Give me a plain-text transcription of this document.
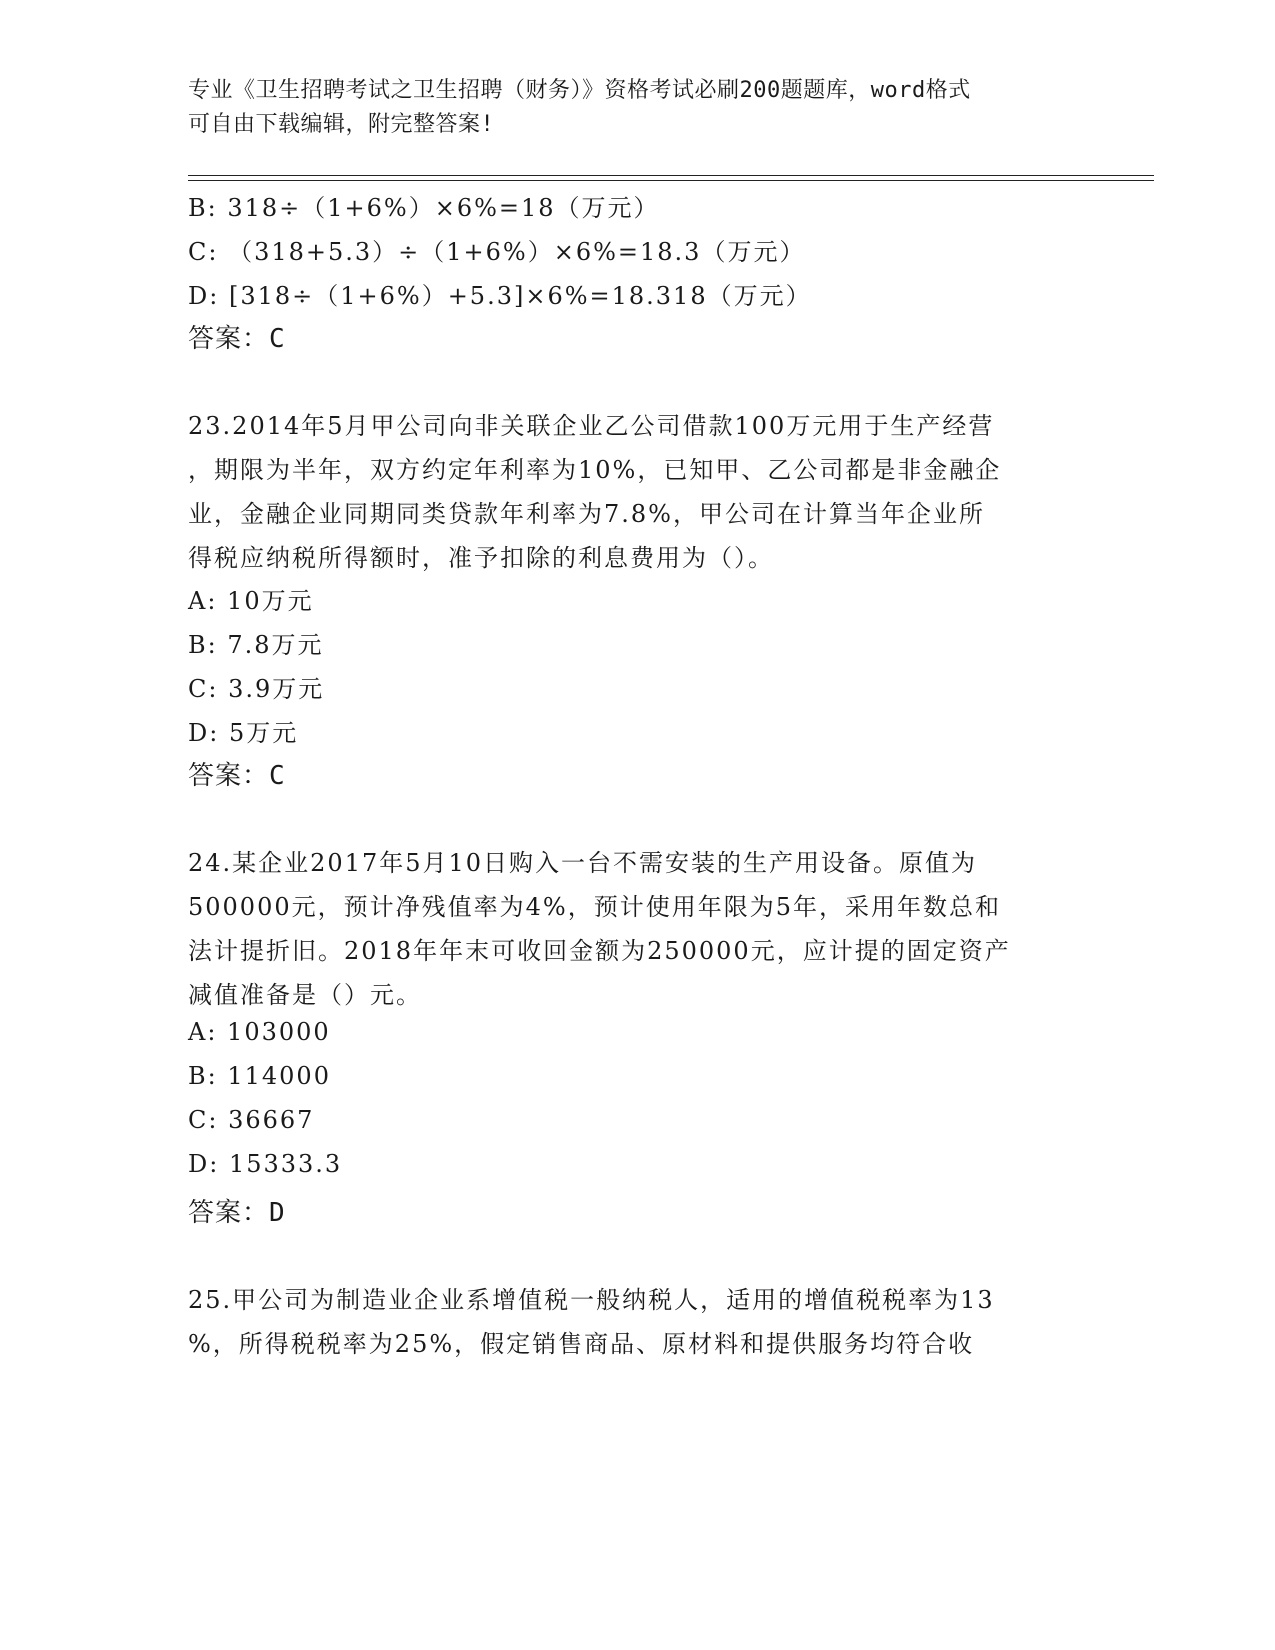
专业《卫生招聘考试之卫生招聘（财务）》资格考试必刷200题题库，word格式
可自由下载编辑，附完整答案!
B: 318÷（1+6%）×6%=18（万元）
C: （318+5.3）÷（1+6%）×6%=18.3（万元）
D: [318÷（1+6%）+5.3]×6%=18.318（万元）
答案：C
23.2014年5月甲公司向非关联企业乙公司借款100万元用于生产经营
，期限为半年，双方约定年利率为10%，已知甲、乙公司都是非金融企
业，金融企业同期同类贷款年利率为7.8%，甲公司在计算当年企业所
得税应纳税所得额时，准予扣除的利息费用为（）。
A: 10万元
B: 7.8万元
C: 3.9万元
D: 5万元
答案：C
24.某企业2017年5月10日购入一台不需安装的生产用设备。原值为
500000元，预计净残值率为4%，预计使用年限为5年，采用年数总和
法计提折旧。2018年年末可收回金额为250000元，应计提的固定资产
减值准备是（）元。
A: 103000
B: 114000
C: 36667
D: 15333.3
答案：D
25.甲公司为制造业企业系增值税一般纳税人，适用的增值税税率为13
%，所得税税率为25%，假定销售商品、原材料和提供服务均符合收
